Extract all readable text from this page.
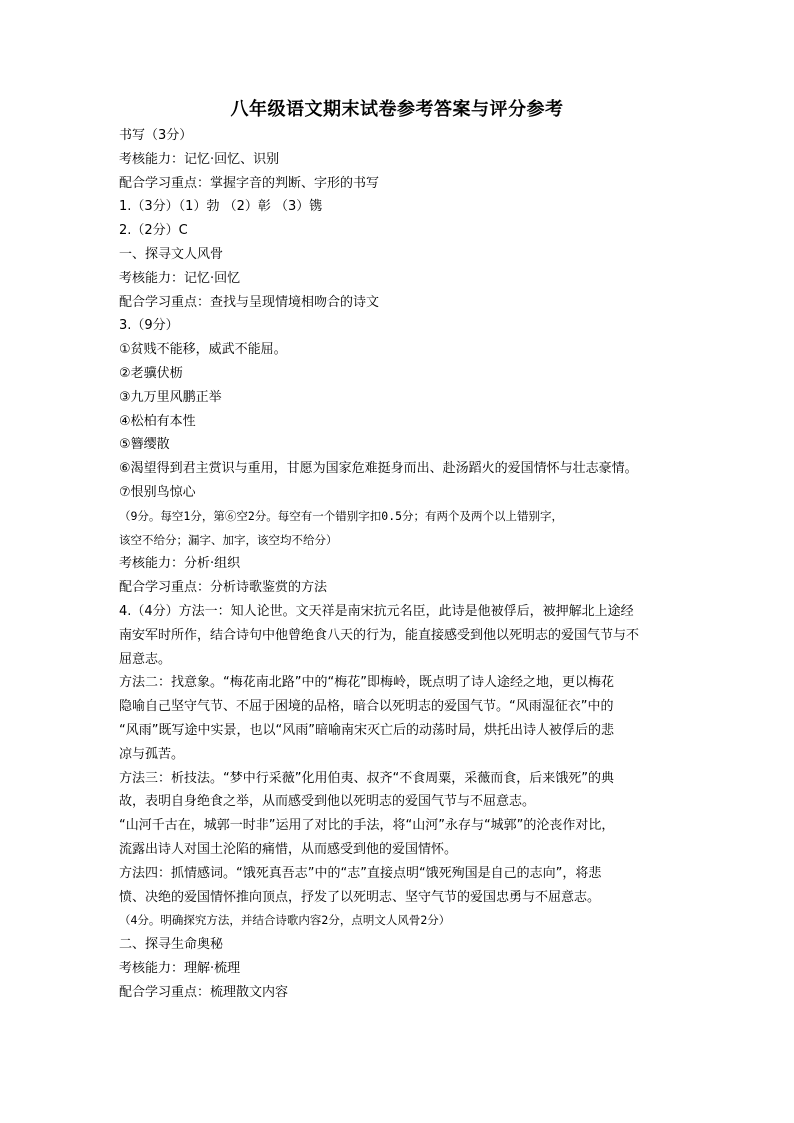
八年级语文期末试卷参考答案与评分参考
书写（3分）
考核能力：记忆·回忆、识别
配合学习重点：掌握字音的判断、字形的书写
1.（3分）（1）勃 （2）彰 （3）镌
2.（2分）C
一、探寻文人风骨
考核能力：记忆·回忆
配合学习重点：查找与呈现情境相吻合的诗文
3.（9分）
①贫贱不能移，威武不能屈。
②老骥伏枥
③九万里风鹏正举
④松柏有本性
⑤簪缨散
⑥渴望得到君主赏识与重用，甘愿为国家危难挺身而出、赴汤蹈火的爱国情怀与壮志豪情。
⑦恨别鸟惊心
（9分。每空1分，第⑥空2分。每空有一个错别字扣0.5分；有两个及两个以上错别字，
该空不给分；漏字、加字，该空均不给分）
考核能力：分析·组织
配合学习重点：分析诗歌鉴赏的方法
4.（4分）方法一：知人论世。文天祥是南宋抗元名臣，此诗是他被俘后，被押解北上途经
南安军时所作，结合诗句中他曾绝食八天的行为，能直接感受到他以死明志的爱国气节与不
屈意志。
方法二：找意象。“梅花南北路”中的“梅花”即梅岭，既点明了诗人途经之地，更以梅花
隐喻自己坚守气节、不屈于困境的品格，暗合以死明志的爱国气节。“风雨湿征衣”中的
“风雨”既写途中实景，也以“风雨”暗喻南宋灭亡后的动荡时局，烘托出诗人被俘后的悲
凉与孤苦。
方法三：析技法。“梦中行采薇”化用伯夷、叔齐“不食周粟，采薇而食，后来饿死”的典
故，表明自身绝食之举，从而感受到他以死明志的爱国气节与不屈意志。
“山河千古在，城郭一时非”运用了对比的手法，将“山河”永存与“城郭”的沦丧作对比，
流露出诗人对国土沦陷的痛惜，从而感受到他的爱国情怀。
方法四：抓情感词。“饿死真吾志”中的“志”直接点明“饿死殉国是自己的志向”，将悲
愤、决绝的爱国情怀推向顶点，抒发了以死明志、坚守气节的爱国忠勇与不屈意志。
（4分。明确探究方法，并结合诗歌内容2分，点明文人风骨2分）
二、探寻生命奥秘
考核能力：理解·梳理
配合学习重点：梳理散文内容
